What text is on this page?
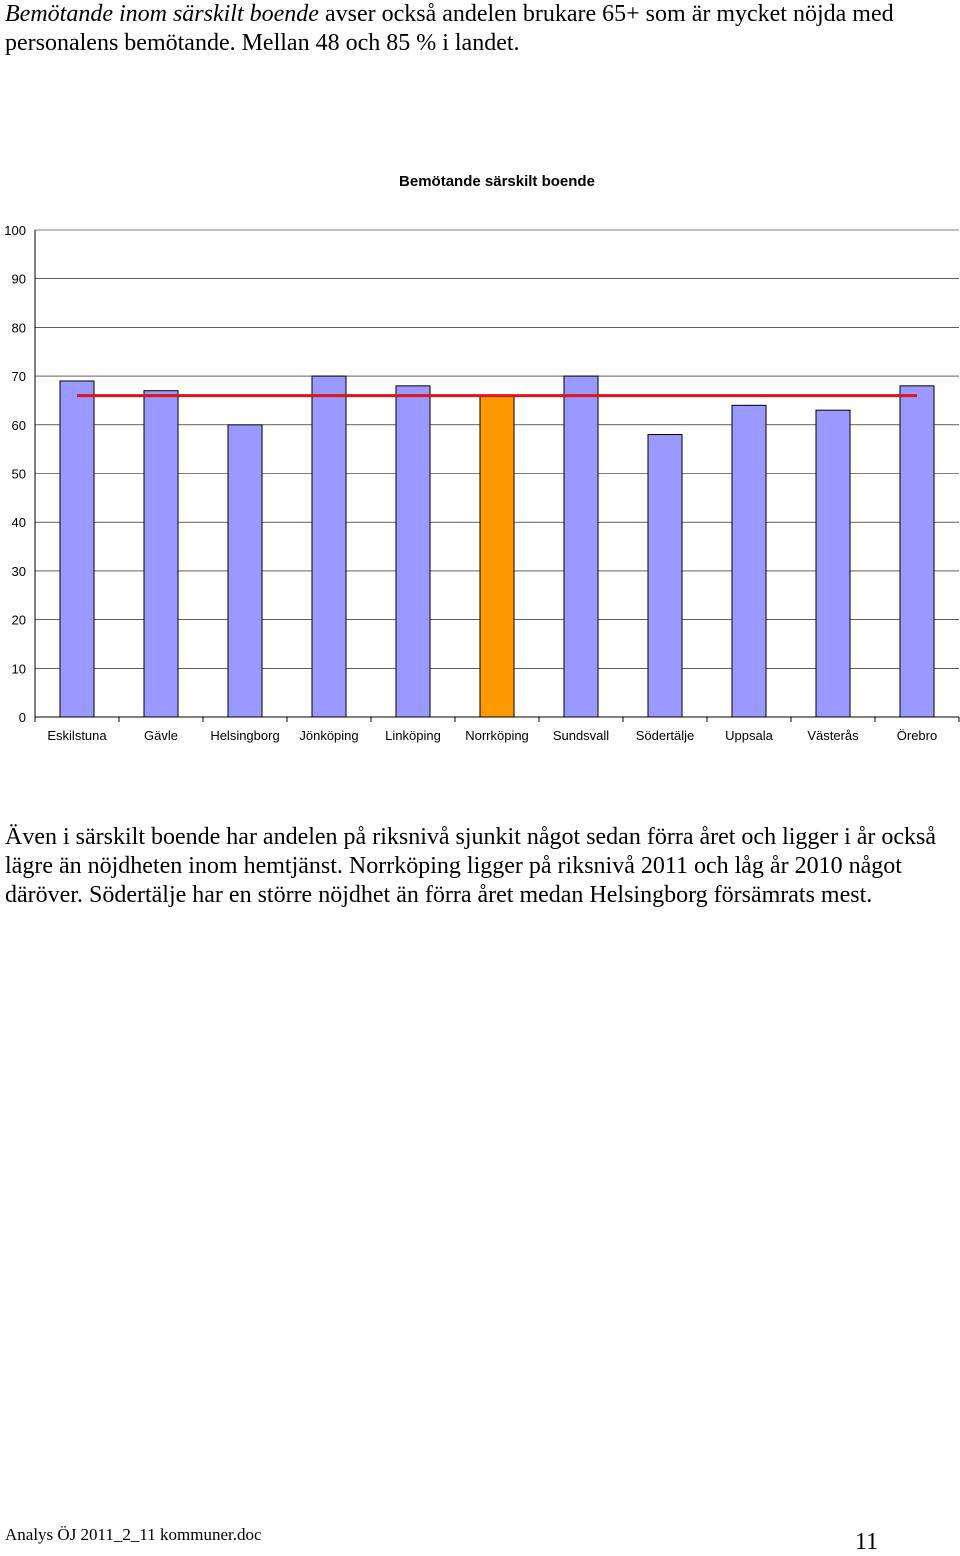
Bemötande inom särskilt boende avser också andelen brukare 65+ som är mycket nöjda med personalens bemötande. Mellan 48 och 85 % i landet.
Bemötande särskilt boende
0
10
20
30
40
50
60
70
80
90
100
Eskilstuna	Gävle Helsingborg Jönköping Linköping Norrköping Sundsvall Södertälje Uppsala	Västerås	Örebro
Även i särskilt boende har andelen på riksnivå sjunkit något sedan förra året och ligger i år också lägre än nöjdheten inom hemtjänst. Norrköping ligger på riksnivå 2011 och låg år 2010 något däröver. Södertälje har en större nöjdhet än förra året medan Helsingborg försämrats mest.
Analys ÖJ 2011_2_11 kommuner.doc	11
